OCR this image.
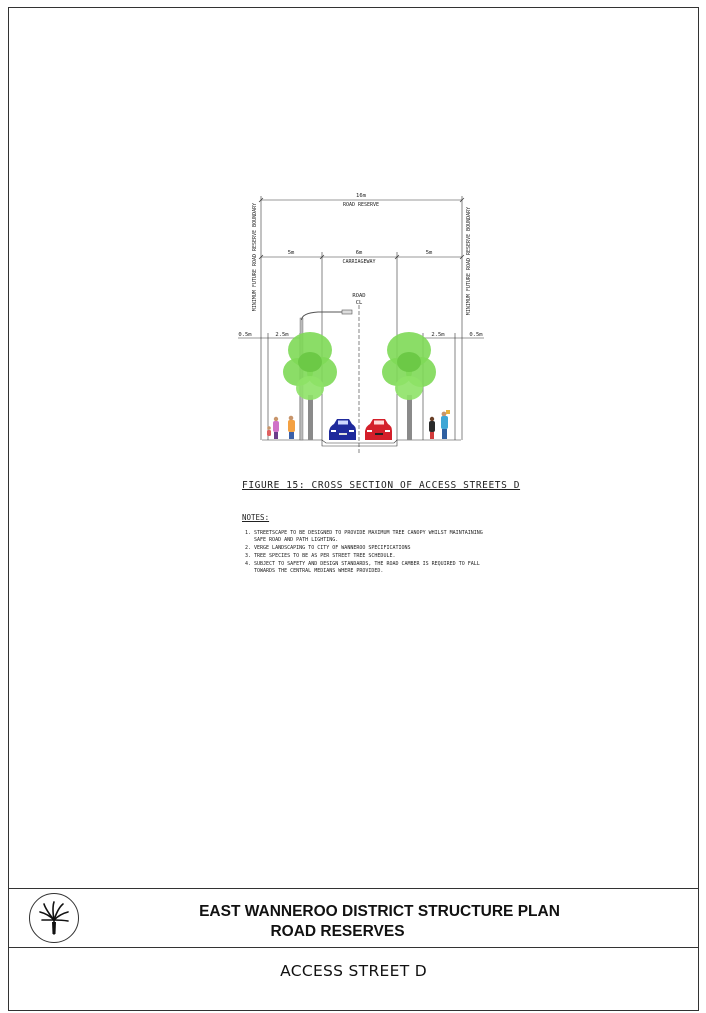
16m
ROAD RESERVE
5m	6m
CARRIAGEWAY
5m
0.5m	2.5m	2.5m	0.5m
ROAD
CL
MINIMUM FUTURE ROAD RESERVE BOUNDARY	MINIMUM FUTURE ROAD RESERVE BOUNDARY
FIGURE 15: CROSS SECTION OF ACCESS STREETS D
NOTES:
1. STREETSCAPE TO BE DESIGNED TO PROVIDE MAXIMUM TREE CANOPY WHILST MAINTAINING SAFE ROAD AND PATH LIGHTING.
2. VERGE LANDSCAPING TO CITY OF WANNEROO SPECIFICATIONS
3. TREE SPECIES TO BE AS PER STREET TREE SCHEDULE.
4. SUBJECT TO SAFETY AND DESIGN STANDARDS, THE ROAD CAMBER IS REQUIRED TO FALL TOWARDS THE CENTRAL MEDIANS WHERE PROVIDED.
EAST WANNEROO DISTRICT STRUCTURE PLAN
ROAD RESERVES
ACCESS STREET D
